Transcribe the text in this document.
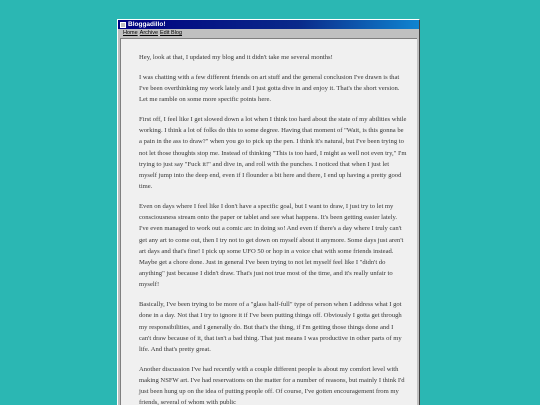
Bloggadillo!
Home Archive Edit Blog

Hey, look at that, I updated my blog and it didn't take me several months!

I was chatting with a few different friends on art stuff and the general conclusion I've drawn is that I've been overthinking my work lately and I just gotta dive in and enjoy it. That's the short version. Let me ramble on some more specific points here.

First off, I feel like I get slowed down a lot when I think too hard about the state of my abilities while working. I think a lot of folks do this to some degree. Having that moment of "Wait, is this gonna be a pain in the ass to draw?" when you go to pick up the pen. I think it's natural, but I've been trying to not let those thoughts stop me. Instead of thinking "This is too hard, I might as well not even try," I'm trying to just say "Fuck it!" and dive in, and roll with the punches. I noticed that when I just let myself jump into the deep end, even if I flounder a bit here and there, I end up having a pretty good time.

Even on days where I feel like I don't have a specific goal, but I want to draw, I just try to let my consciousness stream onto the paper or tablet and see what happens. It's been getting easier lately. I've even managed to work out a comic arc in doing so! And even if there's a day where I truly can't get any art to come out, then I try not to get down on myself about it anymore. Some days just aren't art days and that's fine! I pick up some UFO 50 or hop in a voice chat with some friends instead. Maybe get a chore done. Just in general I've been trying to not let myself feel like I "didn't do anything" just because I didn't draw. That's just not true most of the time, and it's really unfair to myself!

Basically, I've been trying to be more of a "glass half-full" type of person when I address what I got done in a day. Not that I try to ignore it if I've been putting things off. Obviously I gotta get through my responsibilities, and I generally do. But that's the thing, if I'm getting those things done and I can't draw because of it, that isn't a bad thing. That just means I was productive in other parts of my life. And that's pretty great.

Another discussion I've had recently with a couple different people is about my comfort level with making NSFW art. I've had reservations on the matter for a number of reasons, but mainly I think I'd just been hung up on the idea of putting people off. Of course, I've gotten encouragement from my friends, several of whom with public
